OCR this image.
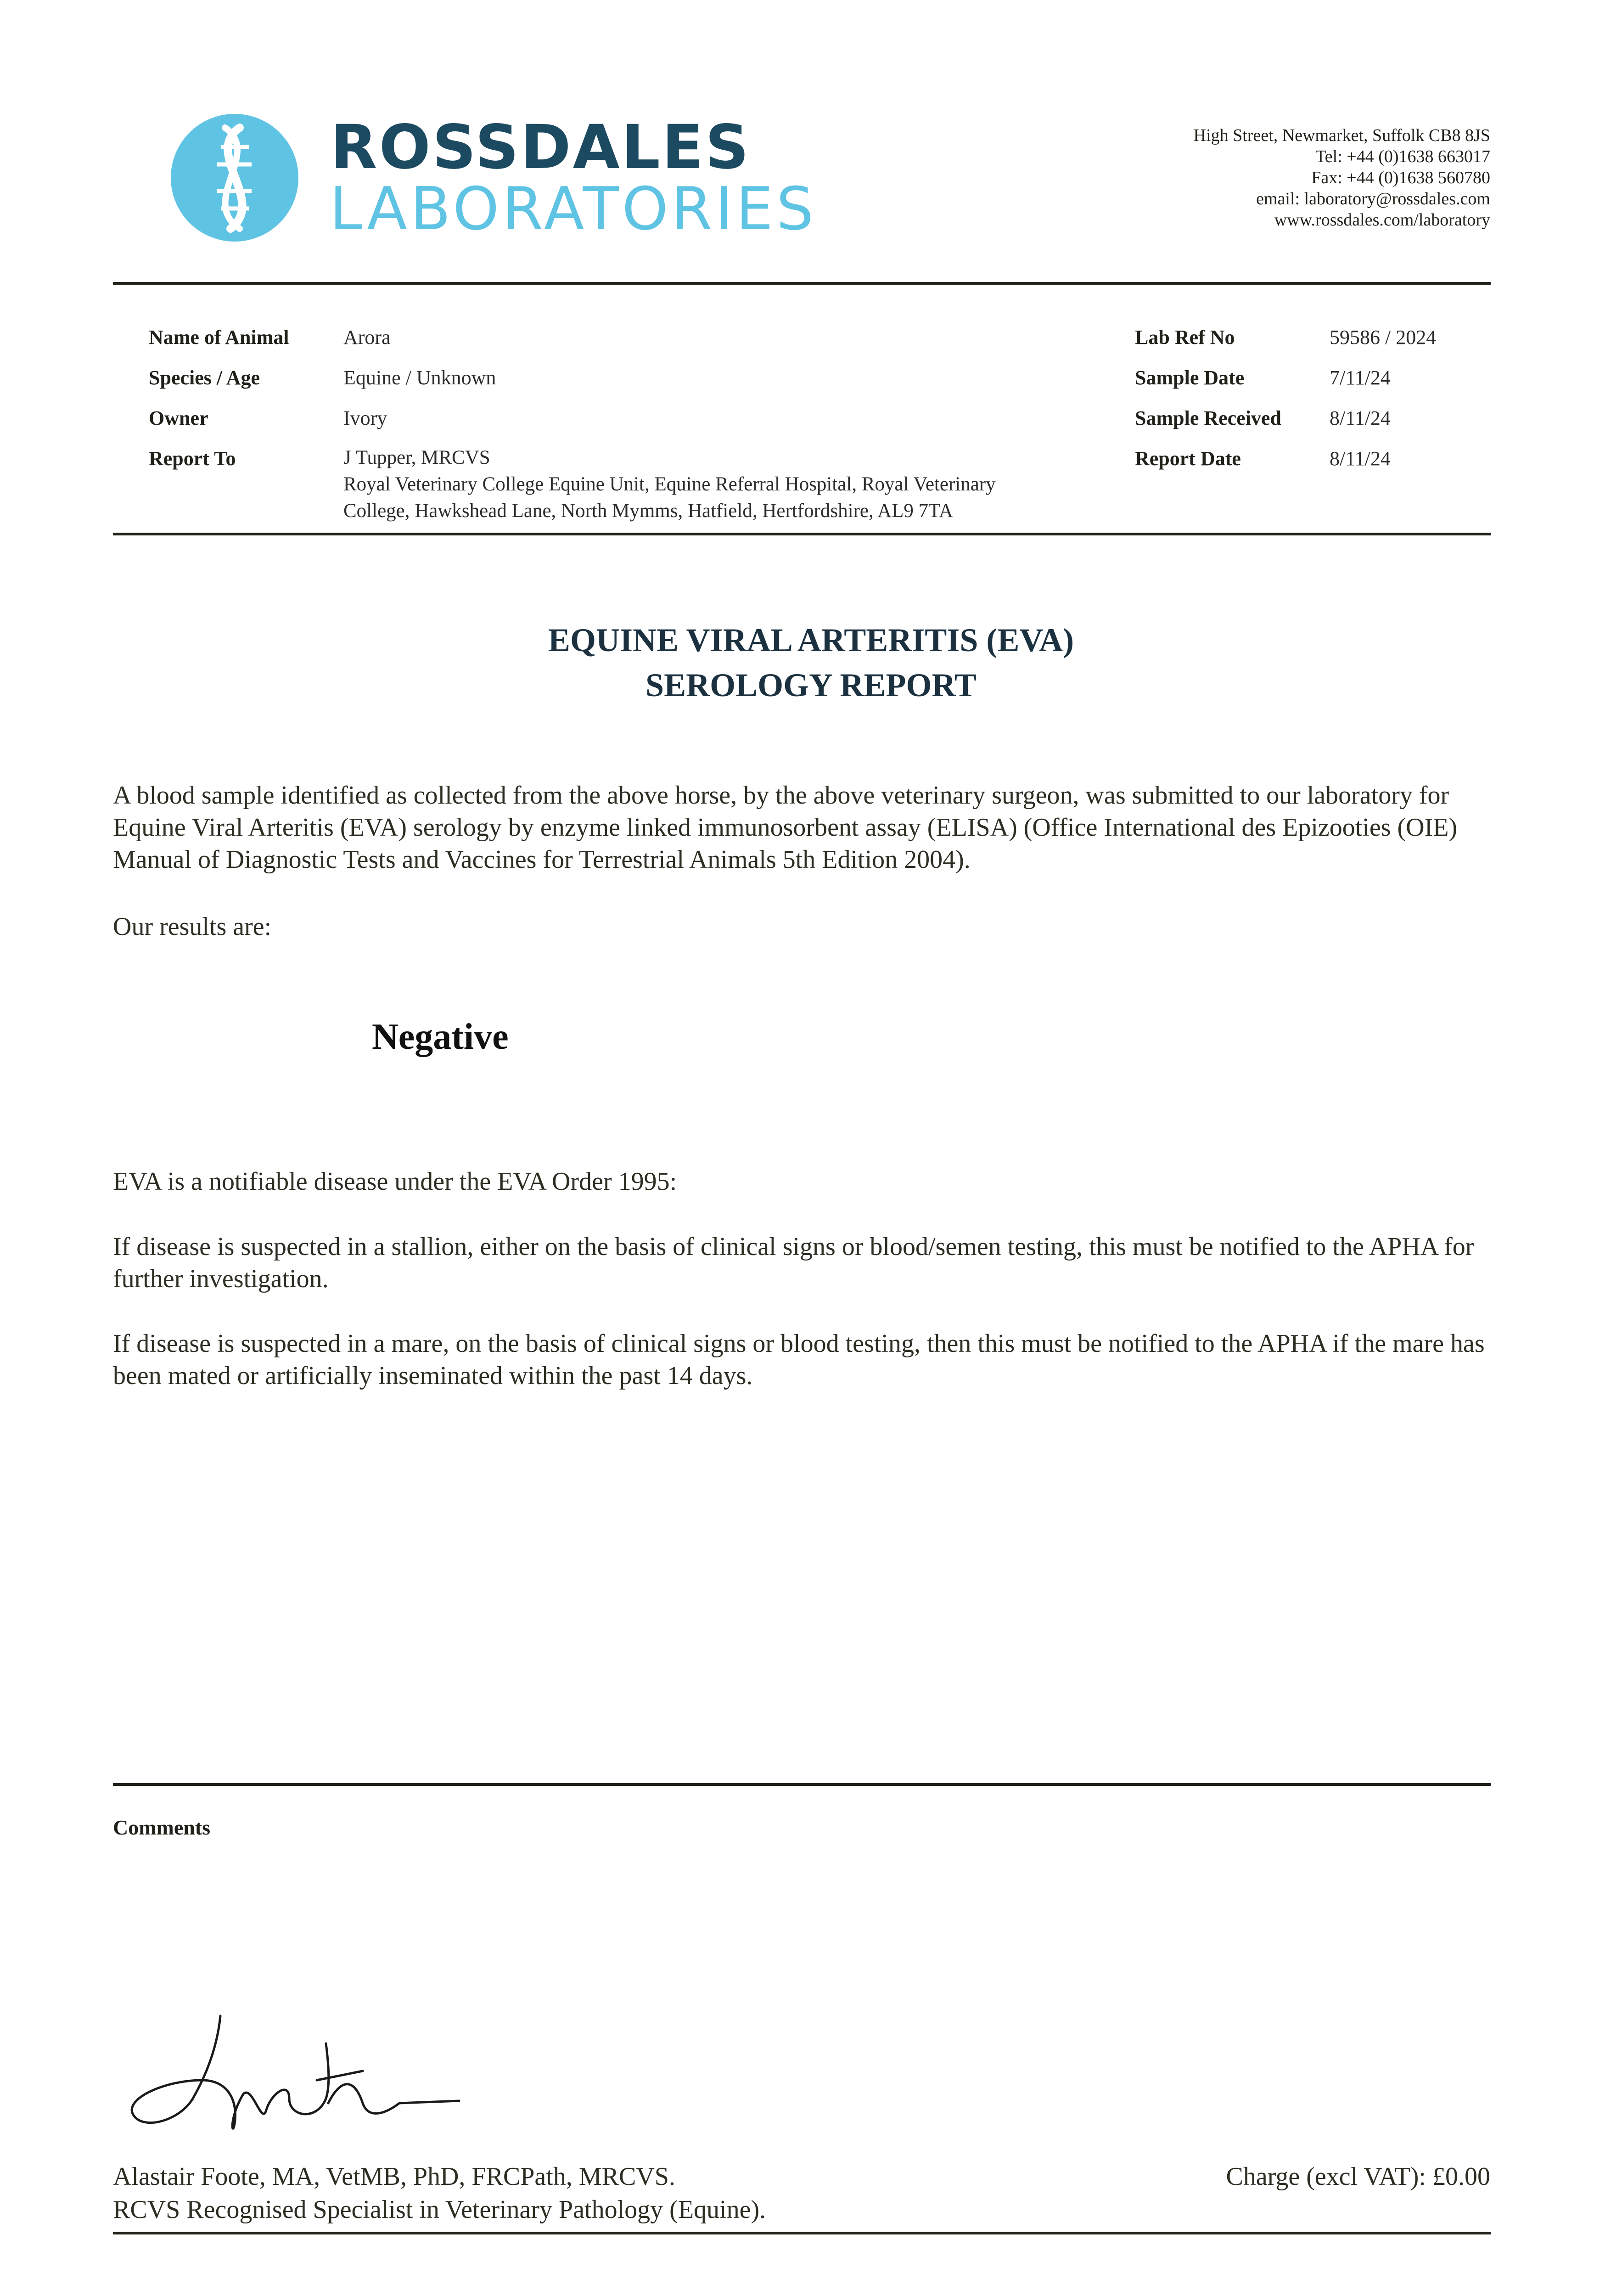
ROSSDALES
LABORATORIES
High Street, Newmarket, Suffolk CB8 8JS
Tel: +44 (0)1638 663017
Fax: +44 (0)1638 560780
email: laboratory@rossdales.com
www.rossdales.com/laboratory
Name of Animal	Arora
Species / Age	Equine / Unknown
Owner	Ivory
Report To	J Tupper, MRCVS
Royal Veterinary College Equine Unit, Equine Referral Hospital, Royal Veterinary
College, Hawkshead Lane, North Mymms, Hatfield, Hertfordshire, AL9 7TA
Lab Ref No	59586 / 2024
Sample Date	7/11/24
Sample Received 8/11/24
Report Date	8/11/24
EQUINE VIRAL ARTERITIS (EVA)
SEROLOGY REPORT
A blood sample identified as collected from the above horse, by the above veterinary surgeon, was submitted to our laboratory for Equine Viral Arteritis (EVA) serology by enzyme linked immunosorbent assay (ELISA) (Office International des Epizooties (OIE) Manual of Diagnostic Tests and Vaccines for Terrestrial Animals 5th Edition 2004).
Our results are:
Negative
EVA is a notifiable disease under the EVA Order 1995:
If disease is suspected in a stallion, either on the basis of clinical signs or blood/semen testing, this must be notified to the APHA for further investigation.
If disease is suspected in a mare, on the basis of clinical signs or blood testing, then this must be notified to the APHA if the mare has been mated or artificially inseminated within the past 14 days.
Comments
Alastair Foote, MA, VetMB, PhD, FRCPath, MRCVS.
RCVS Recognised Specialist in Veterinary Pathology (Equine).
Charge (excl VAT): £0.00
